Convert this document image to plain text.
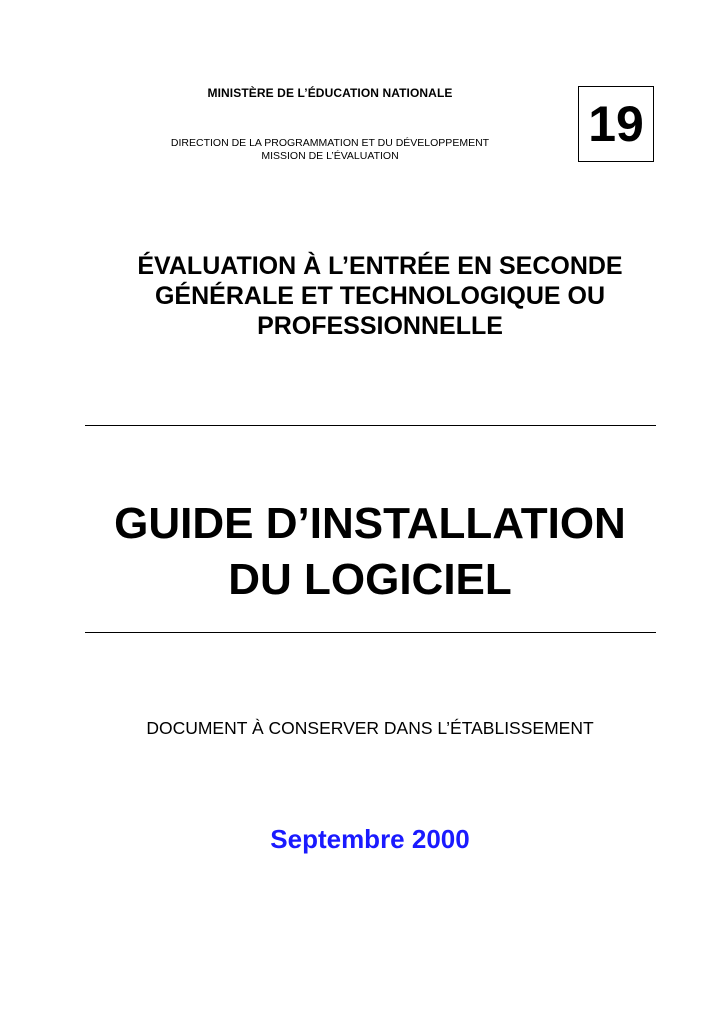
MINISTÈRE DE L’ÉDUCATION NATIONALE
DIRECTION DE LA PROGRAMMATION ET DU DÉVELOPPEMENT
MISSION DE L’ÉVALUATION
19
ÉVALUATION À L’ENTRÉE EN SECONDE
GÉNÉRALE ET TECHNOLOGIQUE OU
PROFESSIONNELLE
GUIDE D’INSTALLATION
DU LOGICIEL
DOCUMENT À CONSERVER DANS L’ÉTABLISSEMENT
Septembre 2000
